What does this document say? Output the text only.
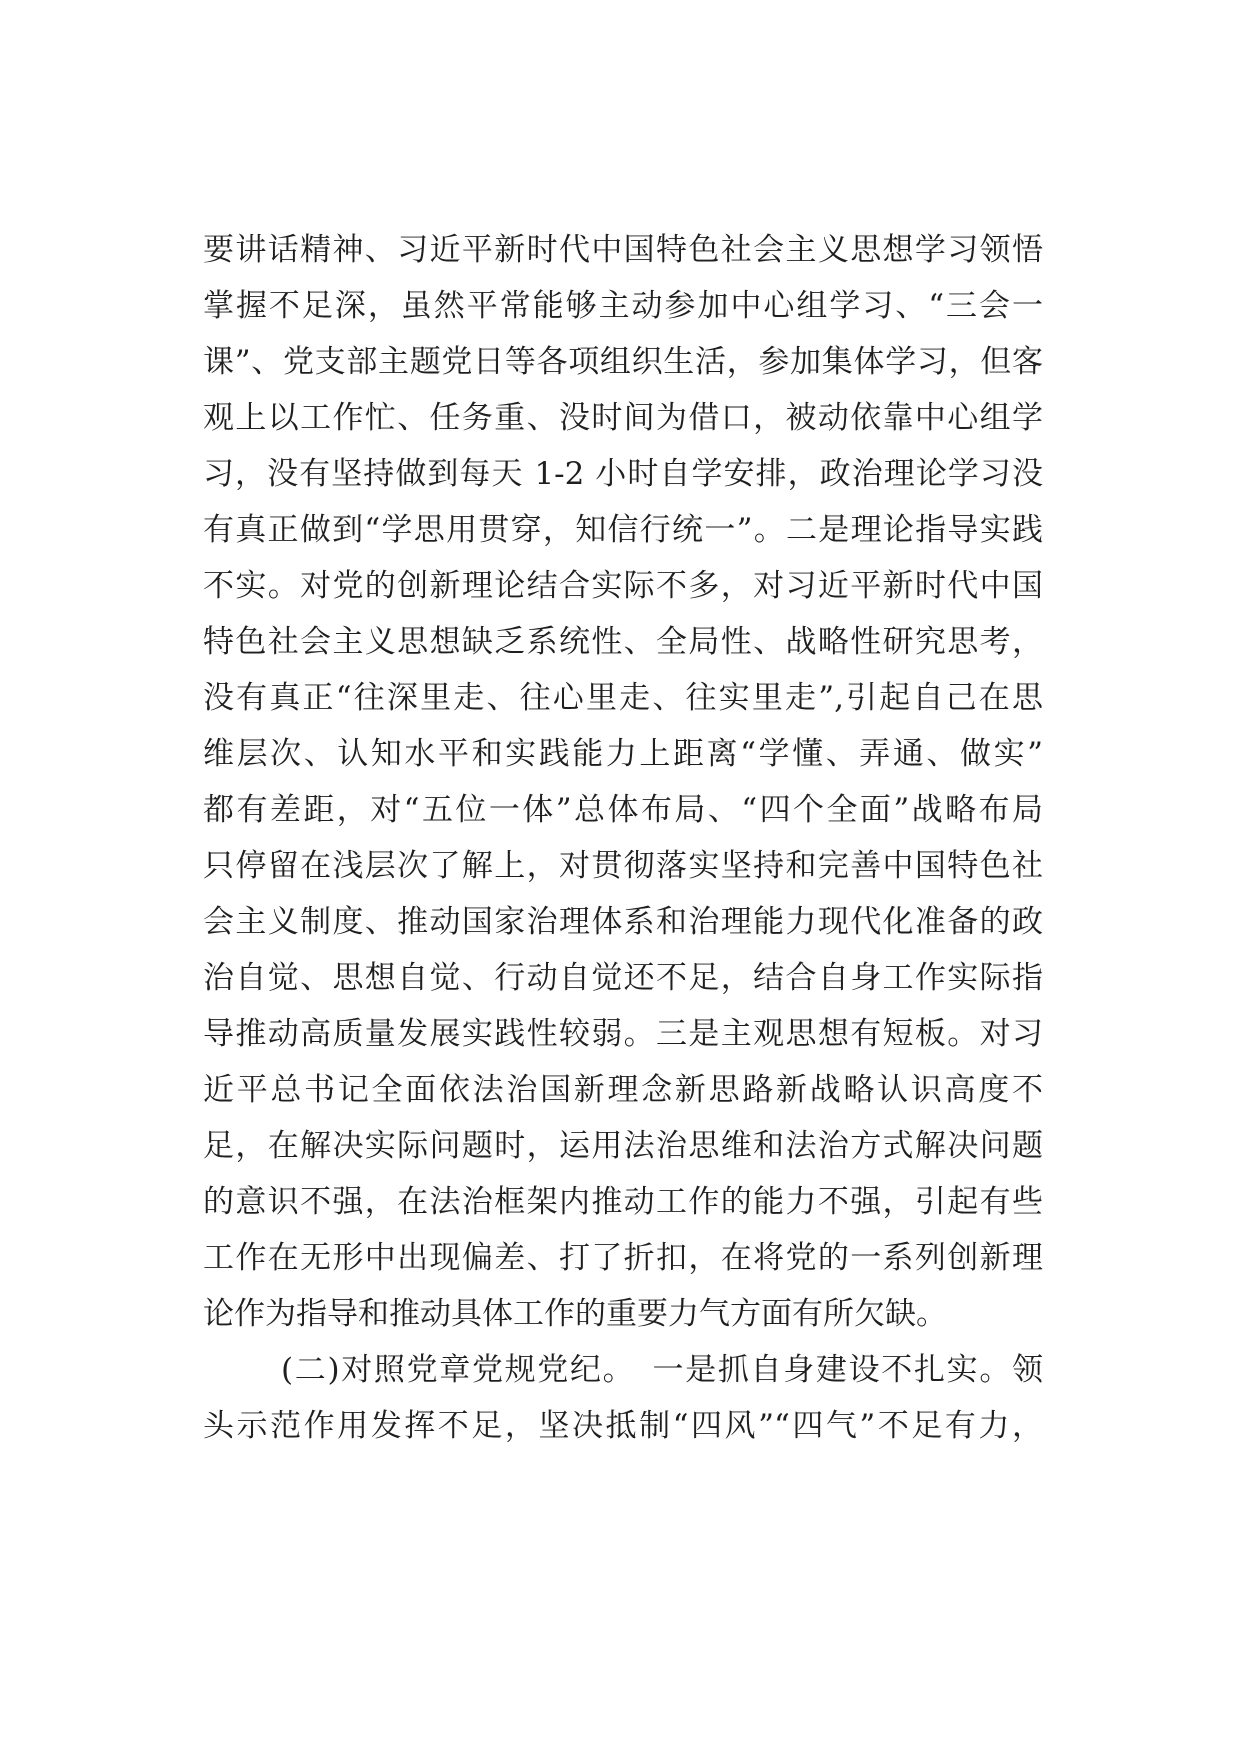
要讲话精神、习近平新时代中国特色社会主义思想学习领悟
掌握不足深，虽然平常能够主动参加中心组学习、“三会一
课”、党支部主题党日等各项组织生活，参加集体学习，但客
观上以工作忙、任务重、没时间为借口，被动依靠中心组学
习，没有坚持做到每天 1-2 小时自学安排，政治理论学习没
有真正做到“学思用贯穿，知信行统一”。二是理论指导实践
不实。对党的创新理论结合实际不多，对习近平新时代中国
特色社会主义思想缺乏系统性、全局性、战略性研究思考，
没有真正“往深里走、往心里走、往实里走”,引起自己在思
维层次、认知水平和实践能力上距离“学懂、弄通、做实”
都有差距，对“五位一体”总体布局、“四个全面”战略布局
只停留在浅层次了解上，对贯彻落实坚持和完善中国特色社
会主义制度、推动国家治理体系和治理能力现代化准备的政
治自觉、思想自觉、行动自觉还不足，结合自身工作实际指
导推动高质量发展实践性较弱。三是主观思想有短板。对习
近平总书记全面依法治国新理念新思路新战略认识高度不
足，在解决实际问题时，运用法治思维和法治方式解决问题
的意识不强，在法治框架内推动工作的能力不强，引起有些
工作在无形中出现偏差、打了折扣，在将党的一系列创新理
论作为指导和推动具体工作的重要力气方面有所欠缺。
(二)对照党章党规党纪。　一是抓自身建设不扎实。领
头示范作用发挥不足，坚决抵制“四风”“四气”不足有力，
